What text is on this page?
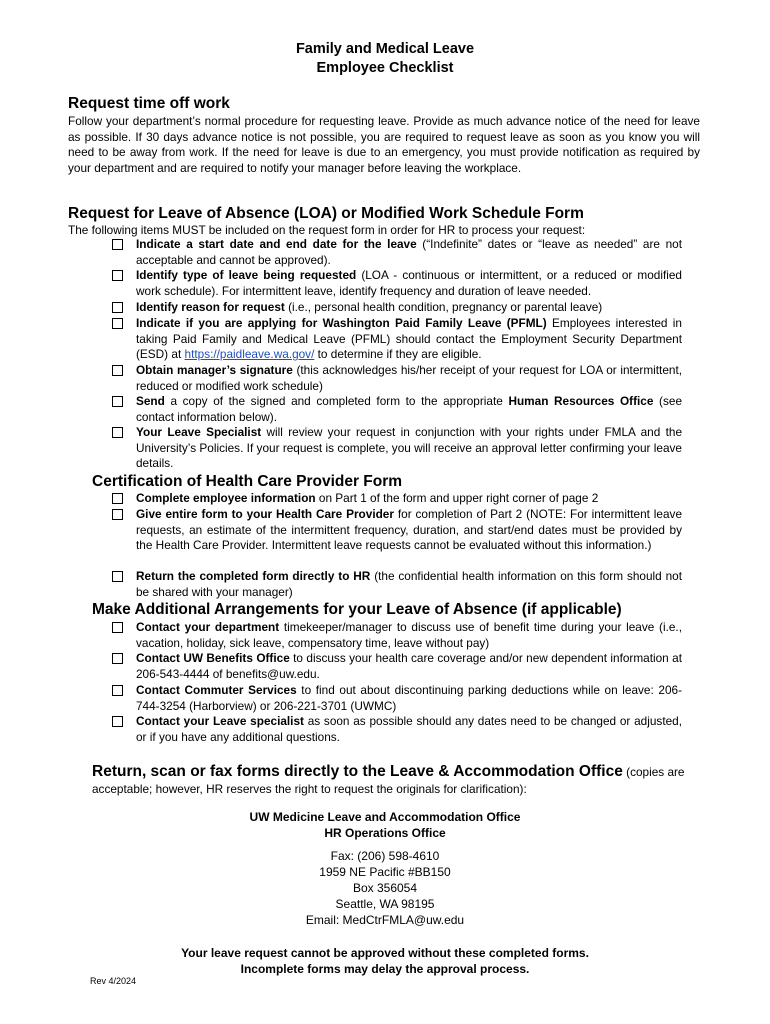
Family and Medical Leave
Employee Checklist
Request time off work
Follow your department’s normal procedure for requesting leave. Provide as much advance notice of the need for leave as possible. If 30 days advance notice is not possible, you are required to request leave as soon as you know you will need to be away from work. If the need for leave is due to an emergency, you must provide notification as required by your department and are required to notify your manager before leaving the workplace.
Request for Leave of Absence (LOA) or Modified Work Schedule Form
The following items MUST be included on the request form in order for HR to process your request:
Indicate a start date and end date for the leave (“Indefinite” dates or “leave as needed” are not acceptable and cannot be approved).
Identify type of leave being requested (LOA - continuous or intermittent, or a reduced or modified work schedule). For intermittent leave, identify frequency and duration of leave needed.
Identify reason for request (i.e., personal health condition, pregnancy or parental leave)
Indicate if you are applying for Washington Paid Family Leave (PFML) Employees interested in taking Paid Family and Medical Leave (PFML) should contact the Employment Security Department (ESD) at https://paidleave.wa.gov/ to determine if they are eligible.
Obtain manager’s signature (this acknowledges his/her receipt of your request for LOA or intermittent, reduced or modified work schedule)
Send a copy of the signed and completed form to the appropriate Human Resources Office (see contact information below).
Your Leave Specialist will review your request in conjunction with your rights under FMLA and the University’s Policies. If your request is complete, you will receive an approval letter confirming your leave details.
Certification of Health Care Provider Form
Complete employee information on Part 1 of the form and upper right corner of page 2
Give entire form to your Health Care Provider for completion of Part 2 (NOTE: For intermittent leave requests, an estimate of the intermittent frequency, duration, and start/end dates must be provided by the Health Care Provider. Intermittent leave requests cannot be evaluated without this information.)
Return the completed form directly to HR (the confidential health information on this form should not be shared with your manager)
Make Additional Arrangements for your Leave of Absence (if applicable)
Contact your department timekeeper/manager to discuss use of benefit time during your leave (i.e., vacation, holiday, sick leave, compensatory time, leave without pay)
Contact UW Benefits Office to discuss your health care coverage and/or new dependent information at 206-543-4444 of benefits@uw.edu.
Contact Commuter Services to find out about discontinuing parking deductions while on leave: 206-744-3254 (Harborview) or 206-221-3701 (UWMC)
Contact your Leave specialist as soon as possible should any dates need to be changed or adjusted, or if you have any additional questions.
Return, scan or fax forms directly to the Leave & Accommodation Office (copies are acceptable; however, HR reserves the right to request the originals for clarification):
UW Medicine Leave and Accommodation Office
HR Operations Office
Fax: (206) 598-4610
1959 NE Pacific #BB150
Box 356054
Seattle, WA 98195
Email: MedCtrFMLA@uw.edu
Your leave request cannot be approved without these completed forms.
Incomplete forms may delay the approval process.
Rev 4/2024
